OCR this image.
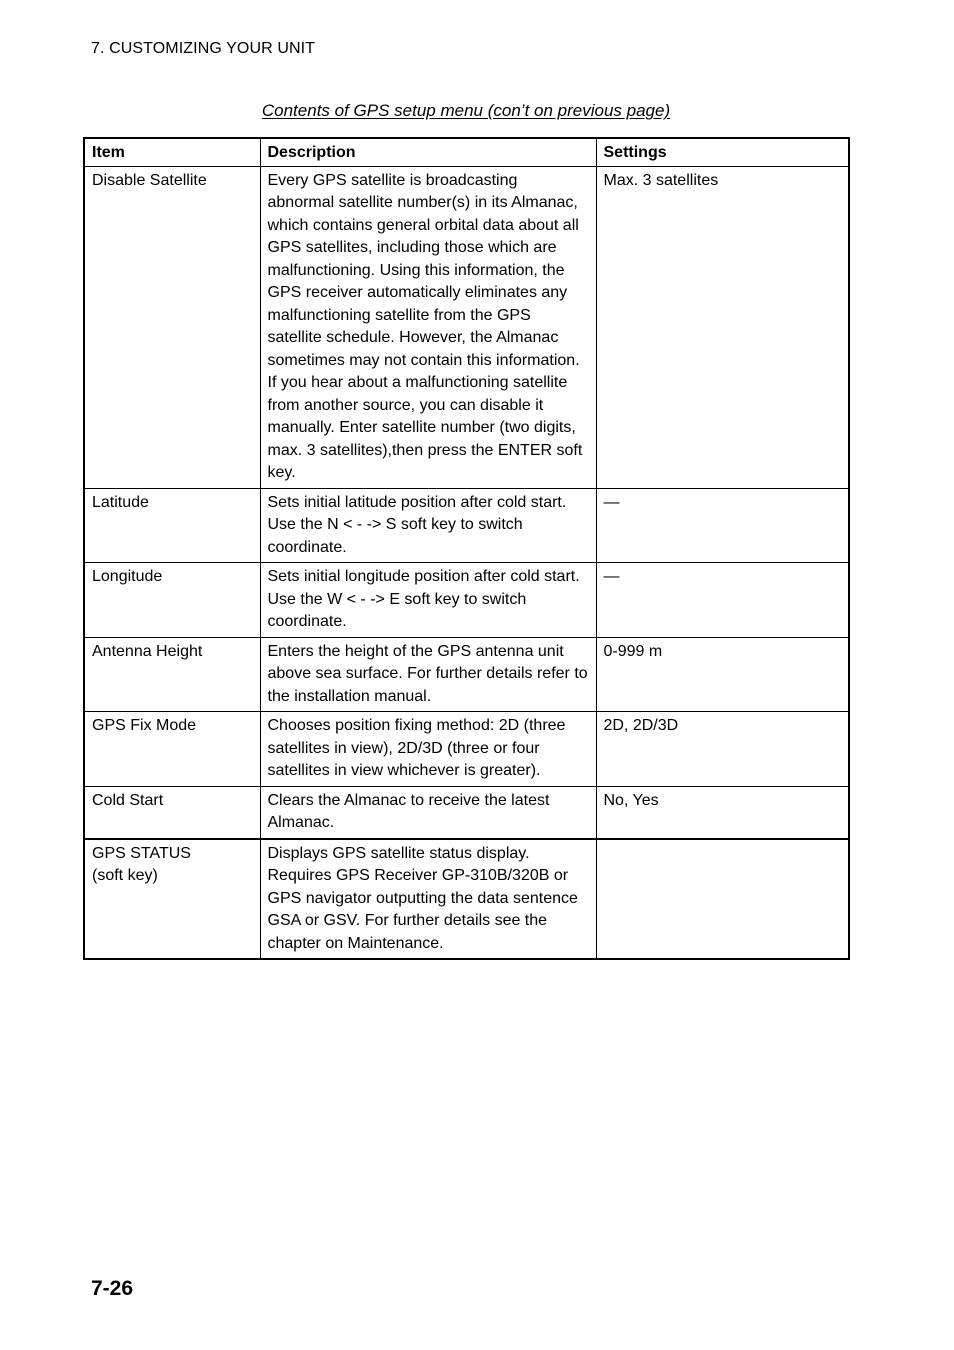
7. CUSTOMIZING YOUR UNIT
Contents of GPS setup menu (con’t on previous page)
Item	Description	Settings
Disable Satellite	Every GPS satellite is broadcasting abnormal satellite number(s) in its Almanac, which contains general orbital data about all GPS satellites, including those which are malfunctioning. Using this information, the GPS receiver automatically eliminates any malfunctioning satellite from the GPS satellite schedule. However, the Almanac sometimes may not contain this information. If you hear about a malfunctioning satellite from another source, you can disable it manually. Enter satellite number (two digits, max. 3 satellites),then press the ENTER soft key.	Max. 3 satellites
Latitude	Sets initial latitude position after cold start. Use the N < - -> S soft key to switch coordinate.	—
Longitude	Sets initial longitude position after cold start. Use the W < - -> E soft key to switch coordinate.	—
Antenna Height	Enters the height of the GPS antenna unit above sea surface. For further details refer to the installation manual.	0-999 m
GPS Fix Mode	Chooses position fixing method: 2D (three satellites in view), 2D/3D (three or four satellites in view whichever is greater).	2D, 2D/3D
Cold Start	Clears the Almanac to receive the latest Almanac.	No, Yes

GPS STATUS
(soft key)	Displays GPS satellite status display. Requires GPS Receiver GP-310B/320B or GPS navigator outputting the data sentence GSA or GSV. For further details see the chapter on Maintenance.	
7-26
